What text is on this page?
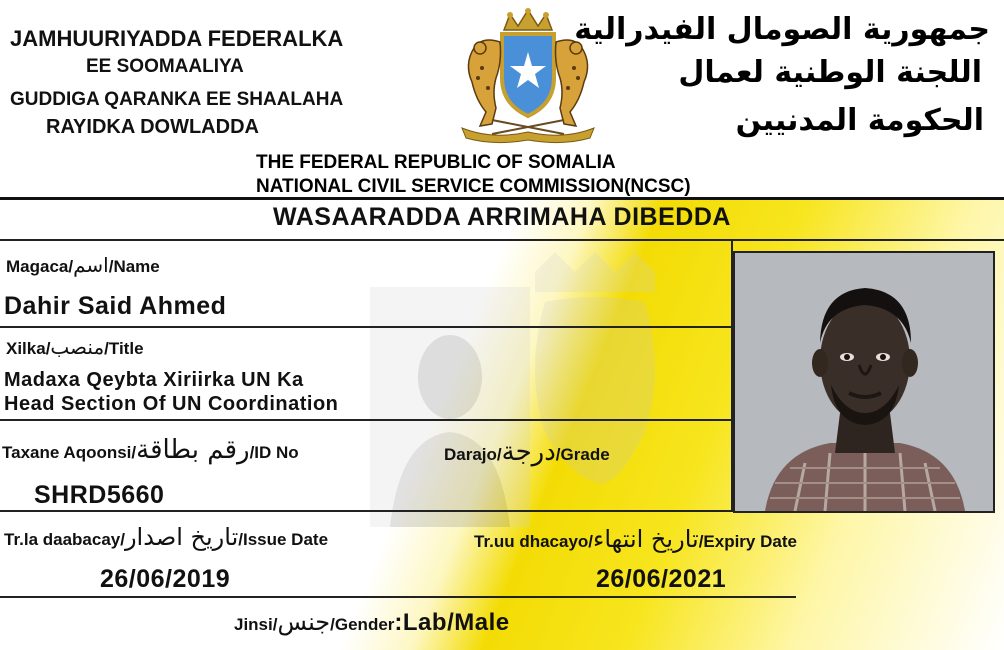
JAMHUURIYADDA FEDERALKA
EE SOOMAALIYA
GUDDIGA QARANKA EE SHAALAHA
RAYIDKA DOWLADDA
جمهورية الصومال الفيدرالية
اللجنة الوطنية لعمال
الحكومة المدنيين
THE FEDERAL REPUBLIC OF SOMALIA
NATIONAL CIVIL SERVICE COMMISSION(NCSC)
WASAARADDA ARRIMAHA DIBEDDA
Magaca/اسم/Name
Dahir Said Ahmed
Xilka/منصب/Title
Madaxa Qeybta Xiriirka UN Ka
Head Section Of UN Coordination
Taxane Aqoonsi/رقم بطاقة/ID No	Darajo/درجة/Grade
SHRD5660
Tr.la daabacay/تاريخ اصدار/Issue Date	Tr.uu dhacayo/تاريخ انتهاء/Expiry Date
26/06/2019	26/06/2021
Jinsi/جنس/Gender:Lab/Male
